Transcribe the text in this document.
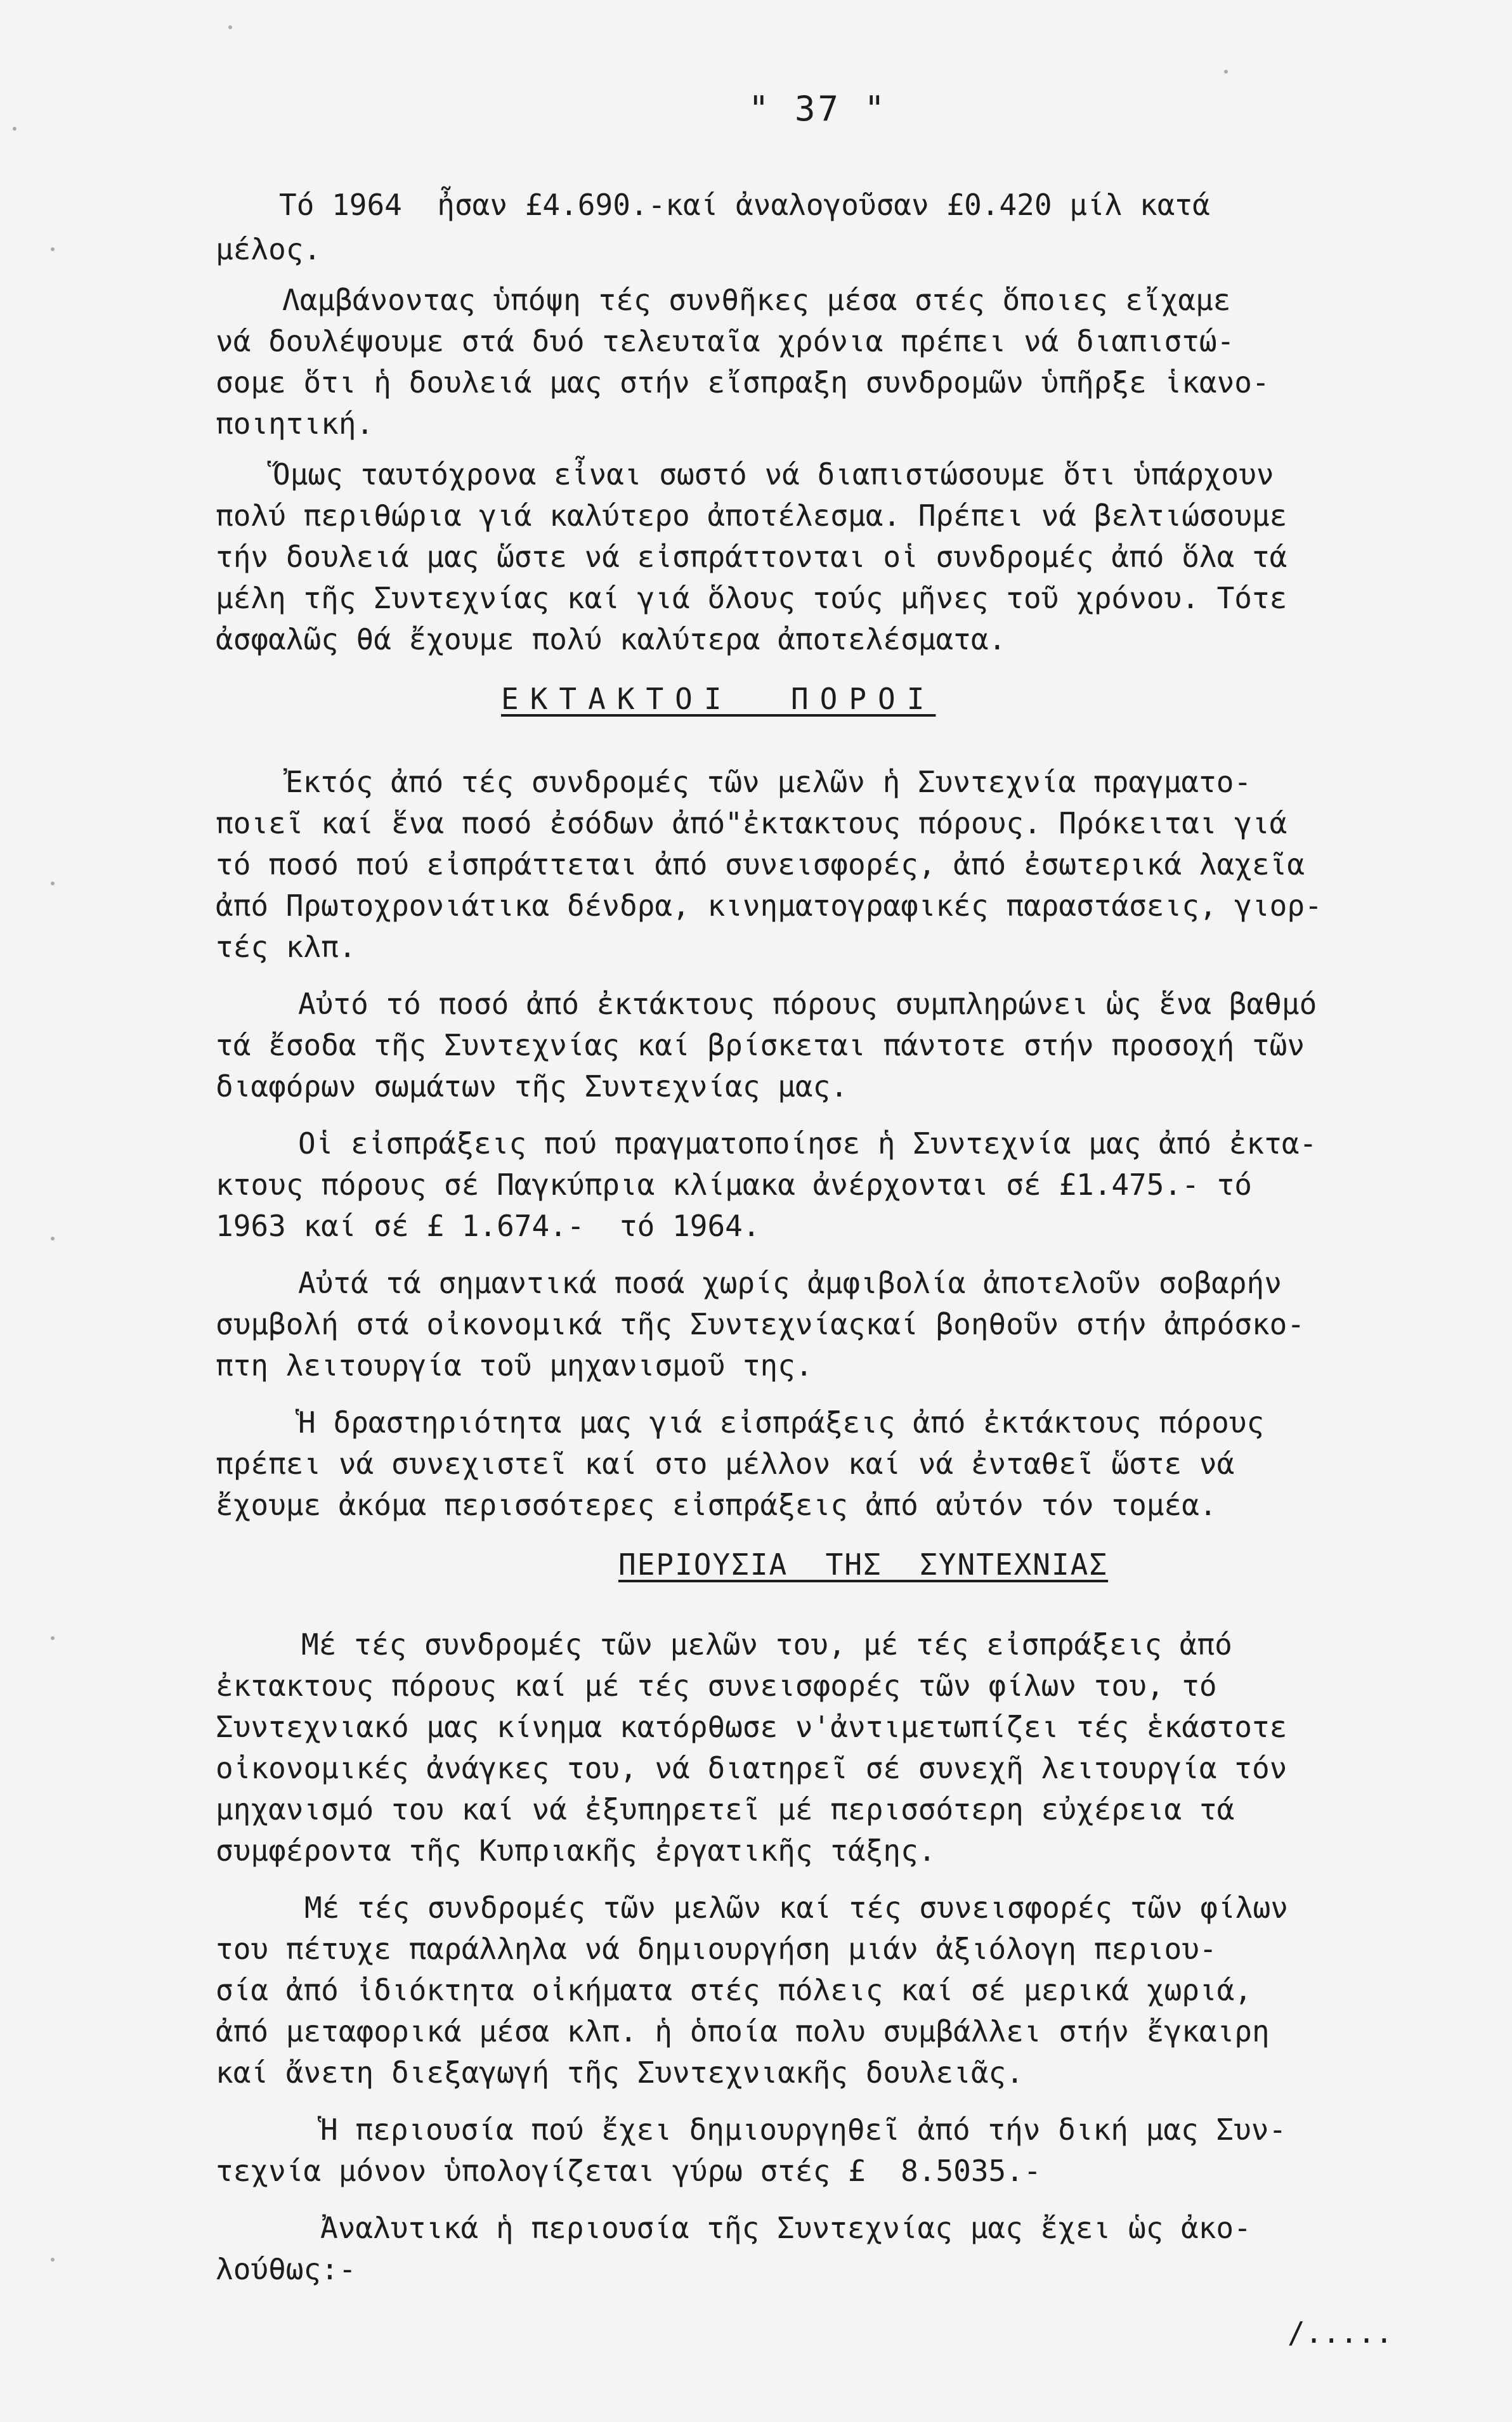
" 37 "
Τό 1964  ἦσαν £4.690.-καί ἀναλογοῦσαν £0.420 μίλ κατά
μέλος.
Λαμβάνοντας ὑπόψη τές συνθῆκες μέσα στές ὅποιες εἴχαμε
νά δουλέψουμε στά δυό τελευταῖα χρόνια πρέπει νά διαπιστώ-
σομε ὅτι ἡ δουλειά μας στήν εἴσπραξη συνδρομῶν ὑπῆρξε ἱκανο-
ποιητική.
Ὅμως ταυτόχρονα εἶναι σωστό νά διαπιστώσουμε ὅτι ὑπάρχουν
πολύ περιθώρια γιά καλύτερο ἀποτέλεσμα. Πρέπει νά βελτιώσουμε
τήν δουλειά μας ὥστε νά εἰσπράττονται οἱ συνδρομές ἀπό ὅλα τά
μέλη τῆς Συντεχνίας καί γιά ὅλους τούς μῆνες τοῦ χρόνου. Τότε
ἀσφαλῶς θά ἔχουμε πολύ καλύτερα ἀποτελέσματα.
ΕΚΤΑΚΤΟΙ  ΠΟΡΟΙ
Ἐκτός ἀπό τές συνδρομές τῶν μελῶν ἡ Συντεχνία πραγματο-
ποιεῖ καί ἕνα ποσό ἐσόδων ἀπό"ἐκτακτους πόρους. Πρόκειται γιά
τό ποσό πού εἰσπράττεται ἀπό συνεισφορές, ἀπό ἐσωτερικά λαχεῖα
ἀπό Πρωτοχρονιάτικα δένδρα, κινηματογραφικές παραστάσεις, γιορ-
τές κλπ.
Αὐτό τό ποσό ἀπό ἐκτάκτους πόρους συμπληρώνει ὡς ἕνα βαθμό
τά ἔσοδα τῆς Συντεχνίας καί βρίσκεται πάντοτε στήν προσοχή τῶν
διαφόρων σωμάτων τῆς Συντεχνίας μας.
Οἱ εἰσπράξεις πού πραγματοποίησε ἡ Συντεχνία μας ἀπό ἐκτα-
κτους πόρους σέ Παγκύπρια κλίμακα ἀνέρχονται σέ £1.475.- τό
1963 καί σέ £ 1.674.-  τό 1964.
Αὐτά τά σημαντικά ποσά χωρίς ἀμφιβολία ἀποτελοῦν σοβαρήν
συμβολή στά οἰκονομικά τῆς Συντεχνίαςκαί βοηθοῦν στήν ἀπρόσκο-
πτη λειτουργία τοῦ μηχανισμοῦ της.
Ἡ δραστηριότητα μας γιά εἰσπράξεις ἀπό ἐκτάκτους πόρους
πρέπει νά συνεχιστεῖ καί στο μέλλον καί νά ἐνταθεῖ ὥστε νά
ἔχουμε ἀκόμα περισσότερες εἰσπράξεις ἀπό αὐτόν τόν τομέα.
ΠΕΡΙΟΥΣΙΑ  ΤΗΣ  ΣΥΝΤΕΧΝΙΑΣ
Μέ τές συνδρομές τῶν μελῶν του, μέ τές εἰσπράξεις ἀπό
ἐκτακτους πόρους καί μέ τές συνεισφορές τῶν φίλων του, τό
Συντεχνιακό μας κίνημα κατόρθωσε ν'ἀντιμετωπίζει τές ἑκάστοτε
οἰκονομικές ἀνάγκες του, νά διατηρεῖ σέ συνεχῆ λειτουργία τόν
μηχανισμό του καί νά ἐξυπηρετεῖ μέ περισσότερη εὐχέρεια τά
συμφέροντα τῆς Κυπριακῆς ἐργατικῆς τάξης.
Μέ τές συνδρομές τῶν μελῶν καί τές συνεισφορές τῶν φίλων
του πέτυχε παράλληλα νά δημιουργήση μιάν ἀξιόλογη περιου-
σία ἀπό ἰδιόκτητα οἰκήματα στές πόλεις καί σέ μερικά χωριά,
ἀπό μεταφορικά μέσα κλπ. ἡ ὁποία πολυ συμβάλλει στήν ἔγκαιρη
καί ἄνετη διεξαγωγή τῆς Συντεχνιακῆς δουλειᾶς.
Ἡ περιουσία πού ἔχει δημιουργηθεῖ ἀπό τήν δική μας Συν-
τεχνία μόνον ὑπολογίζεται γύρω στές £  8.5035.-
Ἀναλυτικά ἡ περιουσία τῆς Συντεχνίας μας ἔχει ὡς ἀκο-
λούθως:-
/.....
